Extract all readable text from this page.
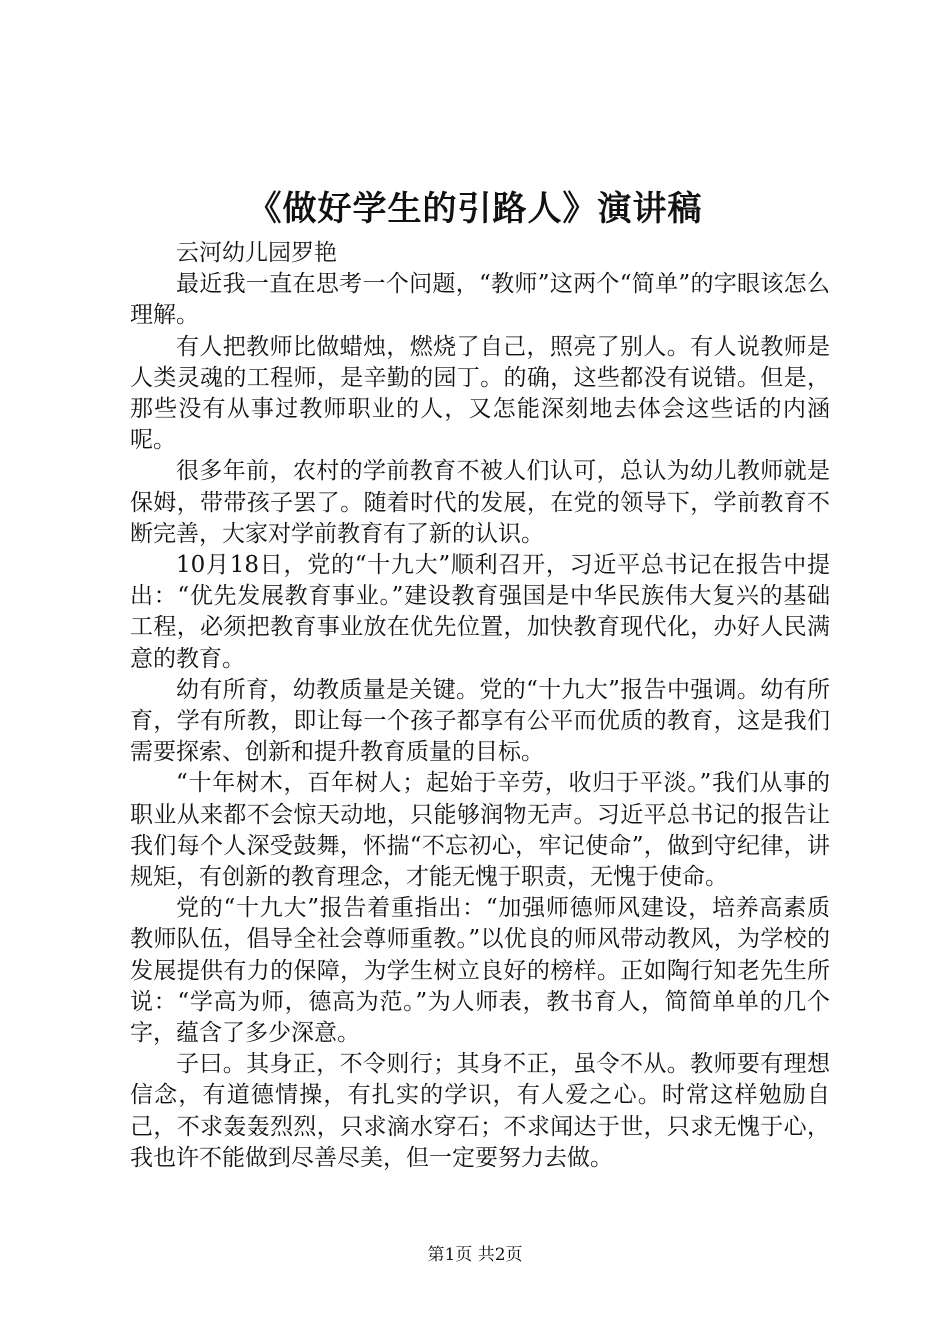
《做好学生的引路人》演讲稿

云河幼儿园罗艳

最近我一直在思考一个问题，“教师”这两个“简单”的字眼该怎么理解。

有人把教师比做蜡烛，燃烧了自己，照亮了别人。有人说教师是人类灵魂的工程师，是辛勤的园丁。的确，这些都没有说错。但是，那些没有从事过教师职业的人，又怎能深刻地去体会这些话的内涵呢。

很多年前，农村的学前教育不被人们认可，总认为幼儿教师就是保姆，带带孩子罢了。随着时代的发展，在党的领导下，学前教育不断完善，大家对学前教育有了新的认识。

10月18日，党的“十九大”顺利召开，习近平总书记在报告中提出：“优先发展教育事业。”建设教育强国是中华民族伟大复兴的基础工程，必须把教育事业放在优先位置，加快教育现代化，办好人民满意的教育。

幼有所育，幼教质量是关键。党的“十九大”报告中强调。幼有所育，学有所教，即让每一个孩子都享有公平而优质的教育，这是我们需要探索、创新和提升教育质量的目标。

“十年树木，百年树人；起始于辛劳，收归于平淡。”我们从事的职业从来都不会惊天动地，只能够润物无声。习近平总书记的报告让我们每个人深受鼓舞，怀揣“不忘初心，牢记使命”，做到守纪律，讲规矩，有创新的教育理念，才能无愧于职责，无愧于使命。

党的“十九大”报告着重指出：“加强师德师风建设，培养高素质教师队伍，倡导全社会尊师重教。”以优良的师风带动教风，为学校的发展提供有力的保障，为学生树立良好的榜样。正如陶行知老先生所说：“学高为师，德高为范。”为人师表，教书育人，简简单单的几个字，蕴含了多少深意。

子曰。其身正，不令则行；其身不正，虽令不从。教师要有理想信念，有道德情操，有扎实的学识，有人爱之心。时常这样勉励自己，不求轰轰烈烈，只求滴水穿石；不求闻达于世，只求无愧于心，我也许不能做到尽善尽美，但一定要努力去做。

第1页 共2页
